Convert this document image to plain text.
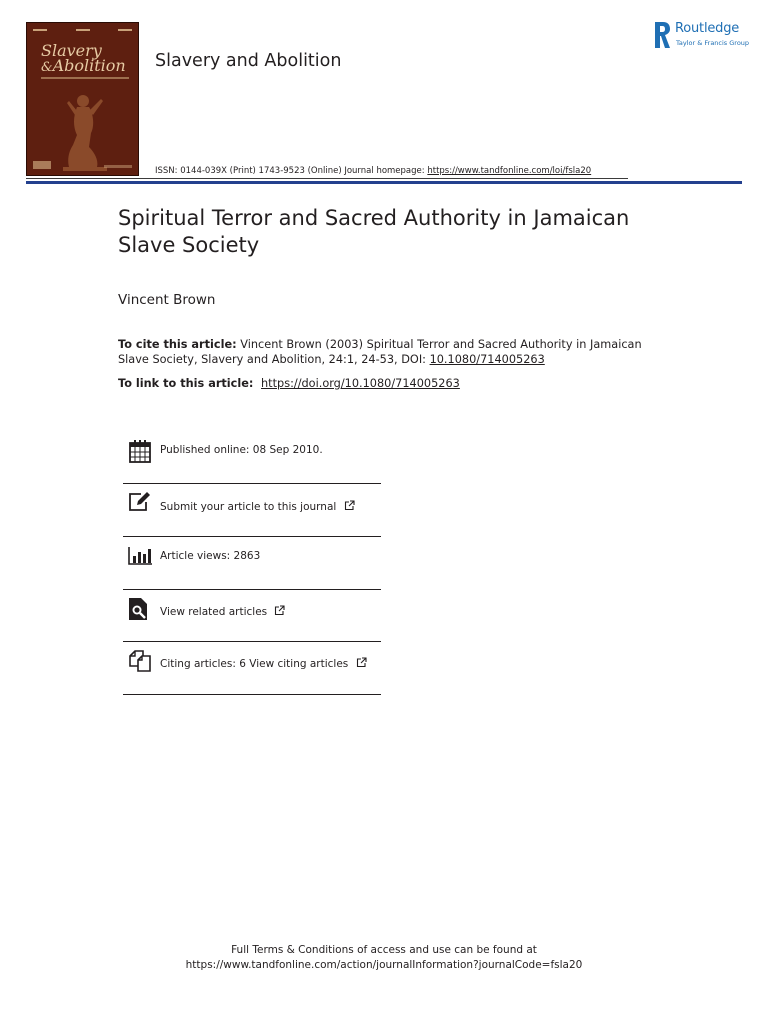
Slavery
&Abolition	Slavery and Abolition
Routledge
Taylor & Francis Group
ISSN: 0144-039X (Print) 1743-9523 (Online) Journal homepage: https://www.tandfonline.com/loi/fsla20
Spiritual Terror and Sacred Authority in Jamaican Slave Society
Vincent Brown
To cite this article: Vincent Brown (2003) Spiritual Terror and Sacred Authority in Jamaican Slave Society, Slavery and Abolition, 24:1, 24-53, DOI: 10.1080/714005263
To link to this article: https://doi.org/10.1080/714005263
Published online: 08 Sep 2010.
Submit your article to this journal
Article views: 2863
View related articles
Citing articles: 6 View citing articles
Full Terms & Conditions of access and use can be found at
https://www.tandfonline.com/action/journalInformation?journalCode=fsla20
